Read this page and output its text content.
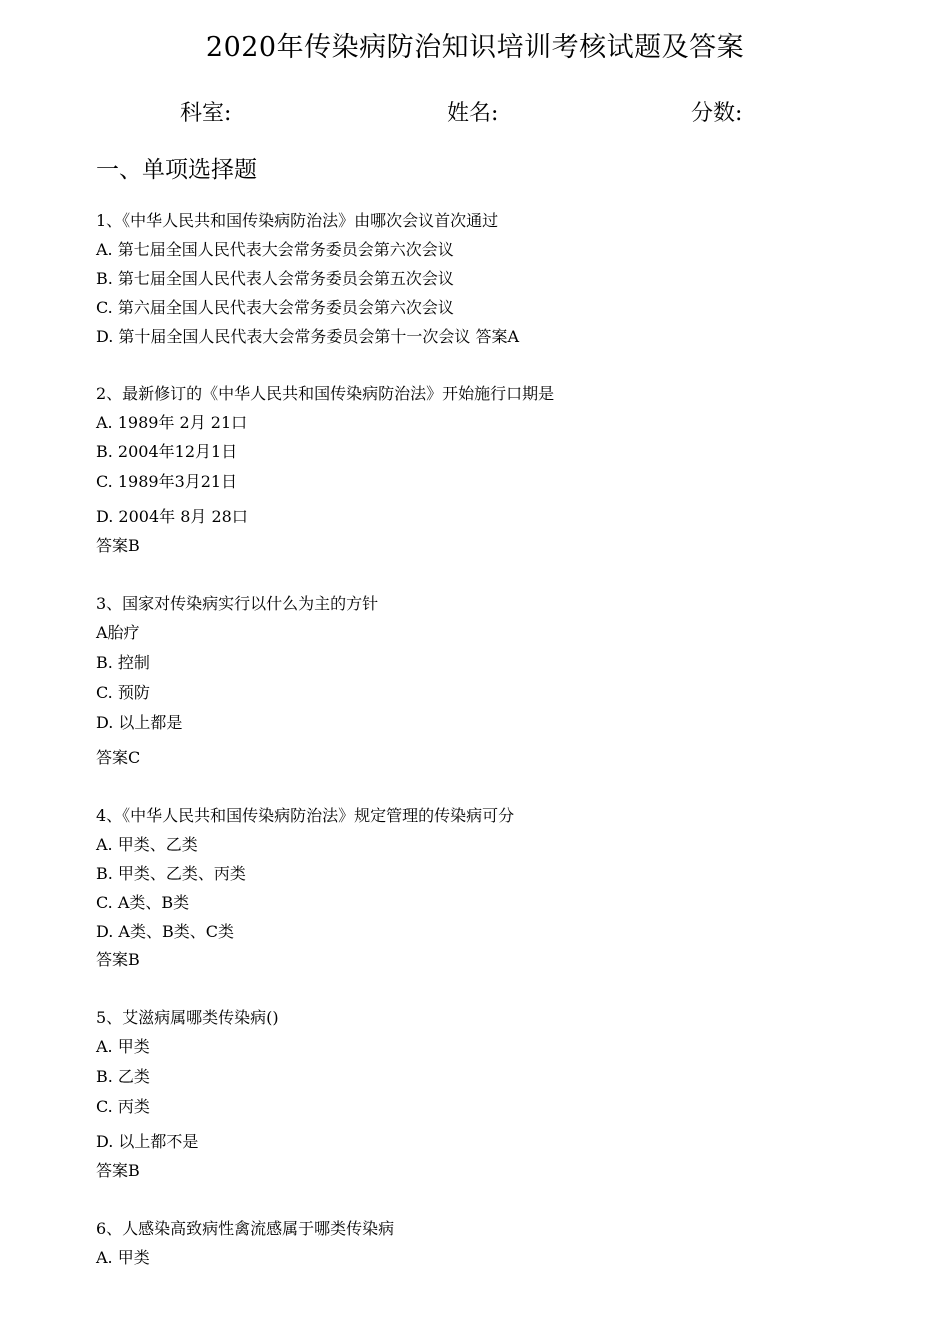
2020年传染病防治知识培训考核试题及答案
科室:	姓名:	分数:
一、单项选择题
1、《中华人民共和国传染病防治法》由哪次会议首次通过
A. 第七届全国人民代表大会常务委员会第六次会议
B. 第七届全国人民代表人会常务委员会第五次会议
C. 第六届全国人民代表大会常务委员会第六次会议
D. 第十届全国人民代表大会常务委员会第十一次会议 答案A
2、最新修订的《中华人民共和国传染病防治法》开始施行口期是
A. 1989年 2月 21口
B. 2004年12月1日
C. 1989年3月21日
D. 2004年 8月 28口
答案B
3、国家对传染病实行以什么为主的方针
A胎疗
B. 控制
C. 预防
D. 以上都是
答案C
4、《中华人民共和国传染病防治法》规定管理的传染病可分
A. 甲类、乙类
B. 甲类、乙类、丙类
C. A类、B类
D. A类、B类、C类
答案B
5、艾滋病属哪类传染病()
A. 甲类
B. 乙类
C. 丙类
D. 以上都不是
答案B
6、人感染高致病性禽流感属于哪类传染病
A. 甲类
